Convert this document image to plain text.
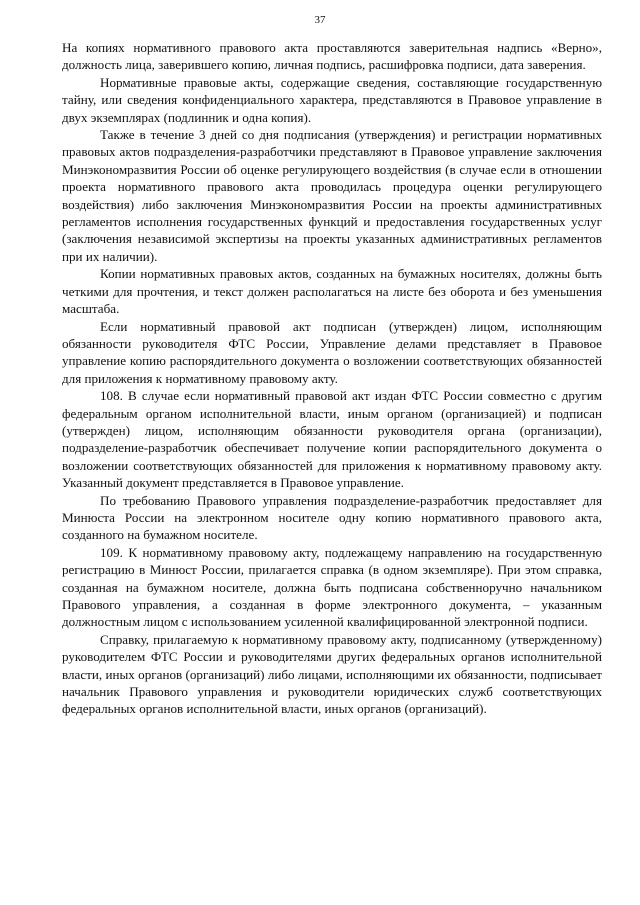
37

На копиях нормативного правового акта проставляются заверительная надпись «Верно», должность лица, заверившего копию, личная подпись, расшифровка подписи, дата заверения.

Нормативные правовые акты, содержащие сведения, составляющие государственную тайну, или сведения конфиденциального характера, представляются в Правовое управление в двух экземплярах (подлинник и одна копия).

Также в течение 3 дней со дня подписания (утверждения) и регистрации нормативных правовых актов подразделения-разработчики представляют в Правовое управление заключения Минэкономразвития России об оценке регулирующего воздействия (в случае если в отношении проекта нормативного правового акта проводилась процедура оценки регулирующего воздействия) либо заключения Минэкономразвития России на проекты административных регламентов исполнения государственных функций и предоставления государственных услуг (заключения независимой экспертизы на проекты указанных административных регламентов при их наличии).

Копии нормативных правовых актов, созданных на бумажных носителях, должны быть четкими для прочтения, и текст должен располагаться на листе без оборота и без уменьшения масштаба.

Если нормативный правовой акт подписан (утвержден) лицом, исполняющим обязанности руководителя ФТС России, Управление делами представляет в Правовое управление копию распорядительного документа о возложении соответствующих обязанностей для приложения к нормативному правовому акту.

108. В случае если нормативный правовой акт издан ФТС России совместно с другим федеральным органом исполнительной власти, иным органом (организацией) и подписан (утвержден) лицом, исполняющим обязанности руководителя органа (организации), подразделение-разработчик обеспечивает получение копии распорядительного документа о возложении соответствующих обязанностей для приложения к нормативному правовому акту. Указанный документ представляется в Правовое управление.

По требованию Правового управления подразделение-разработчик предоставляет для Минюста России на электронном носителе одну копию нормативного правового акта, созданного на бумажном носителе.

109. К нормативному правовому акту, подлежащему направлению на государственную регистрацию в Минюст России, прилагается справка (в одном экземпляре). При этом справка, созданная на бумажном носителе, должна быть подписана собственноручно начальником Правового управления, а созданная в форме электронного документа, – указанным должностным лицом с использованием усиленной квалифицированной электронной подписи.

Справку, прилагаемую к нормативному правовому акту, подписанному (утвержденному) руководителем ФТС России и руководителями других федеральных органов исполнительной власти, иных органов (организаций) либо лицами, исполняющими их обязанности, подписывает начальник Правового управления и руководители юридических служб соответствующих федеральных органов исполнительной власти, иных органов (организаций).
